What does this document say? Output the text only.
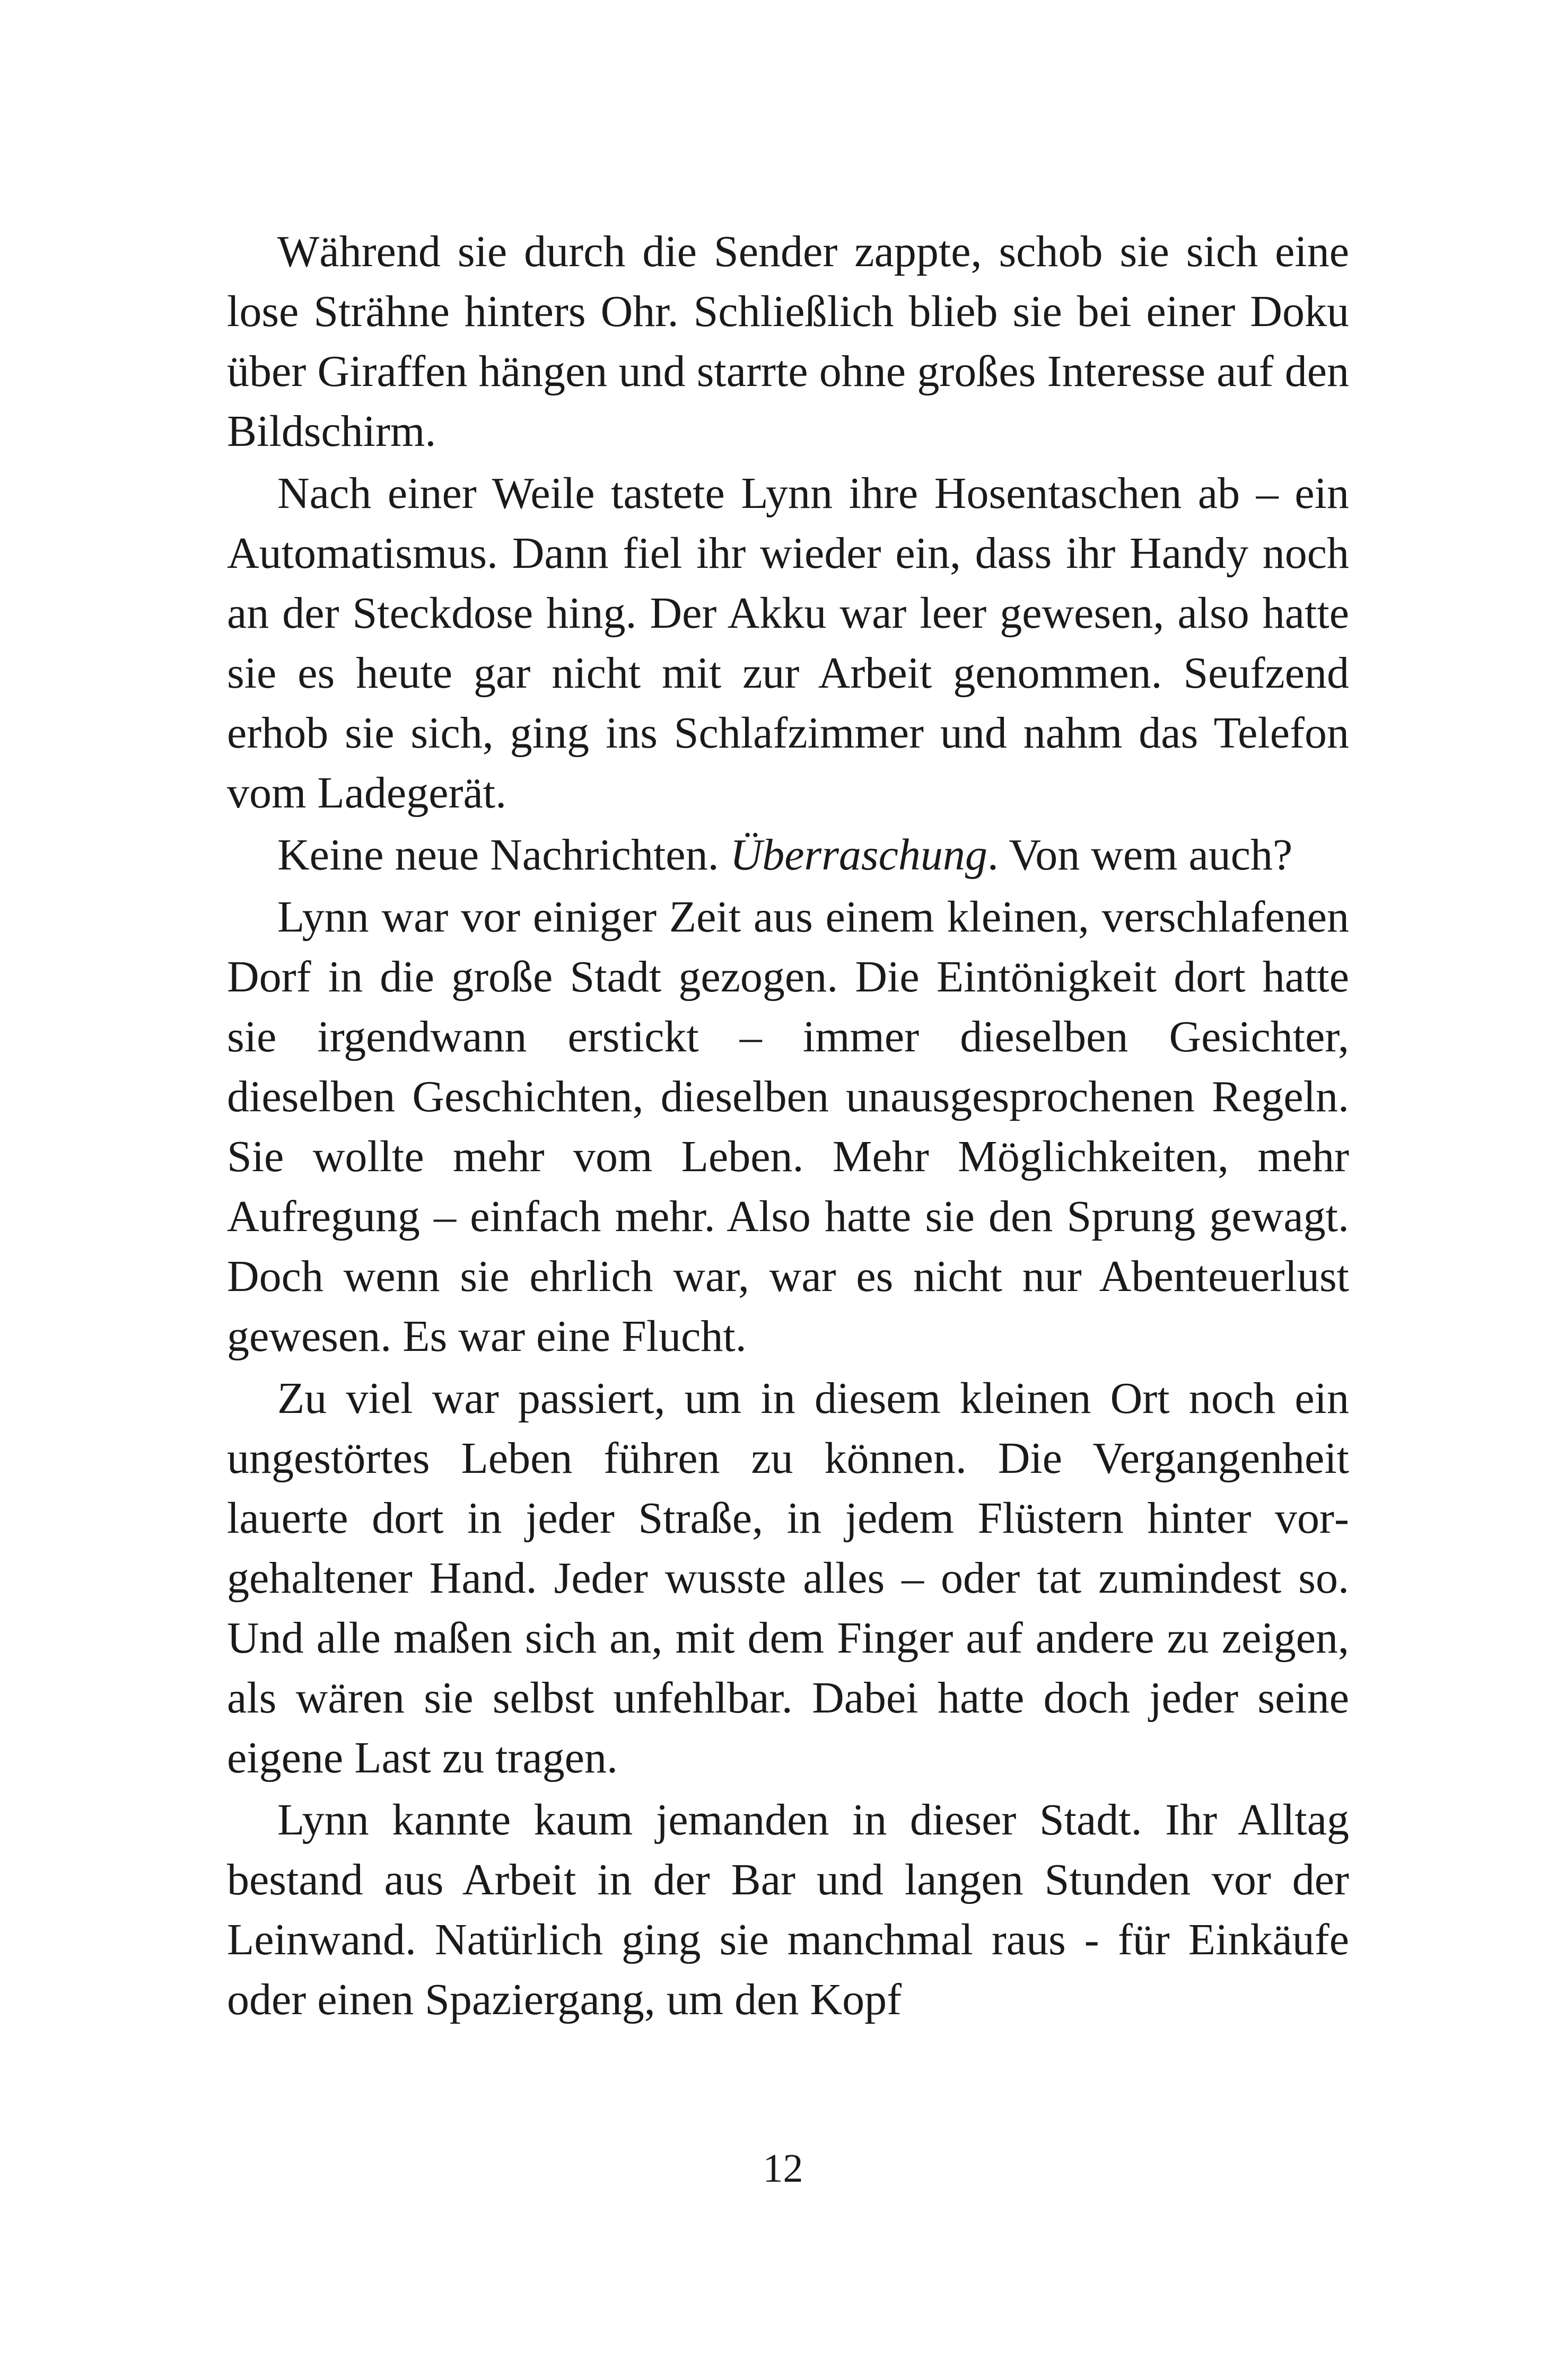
Während sie durch die Sender zappte, schob sie sich eine lose Strähne hinters Ohr. Schließlich blieb sie bei einer Doku über Giraffen hängen und starrte ohne großes Interesse auf den Bildschirm.

Nach einer Weile tastete Lynn ihre Hosentaschen ab – ein Automatismus. Dann fiel ihr wieder ein, dass ihr Handy noch an der Steckdose hing. Der Akku war leer gewesen, also hatte sie es heute gar nicht mit zur Arbeit genommen. Seufzend erhob sie sich, ging ins Schlafzimmer und nahm das Telefon vom Ladegerät.

Keine neue Nachrichten. Überraschung. Von wem auch?

Lynn war vor einiger Zeit aus einem kleinen, verschlafenen Dorf in die große Stadt gezogen. Die Eintönigkeit dort hatte sie irgendwann erstickt – immer dieselben Gesichter, dieselben Geschichten, dieselben unausgesprochenen Regeln. Sie wollte mehr vom Leben. Mehr Möglichkeiten, mehr Aufregung – einfach mehr. Also hatte sie den Sprung gewagt. Doch wenn sie ehrlich war, war es nicht nur Abenteuerlust gewesen. Es war eine Flucht.

Zu viel war passiert, um in diesem kleinen Ort noch ein ungestörtes Leben führen zu können. Die Vergangenheit lauerte dort in jeder Straße, in jedem Flüstern hinter vorgehaltener Hand. Jeder wusste alles – oder tat zumindest so. Und alle maßen sich an, mit dem Finger auf andere zu zeigen, als wären sie selbst unfehlbar. Dabei hatte doch jeder seine eigene Last zu tragen.

Lynn kannte kaum jemanden in dieser Stadt. Ihr Alltag bestand aus Arbeit in der Bar und langen Stunden vor der Leinwand. Natürlich ging sie manchmal raus - für Einkäufe oder einen Spaziergang, um den Kopf

12
